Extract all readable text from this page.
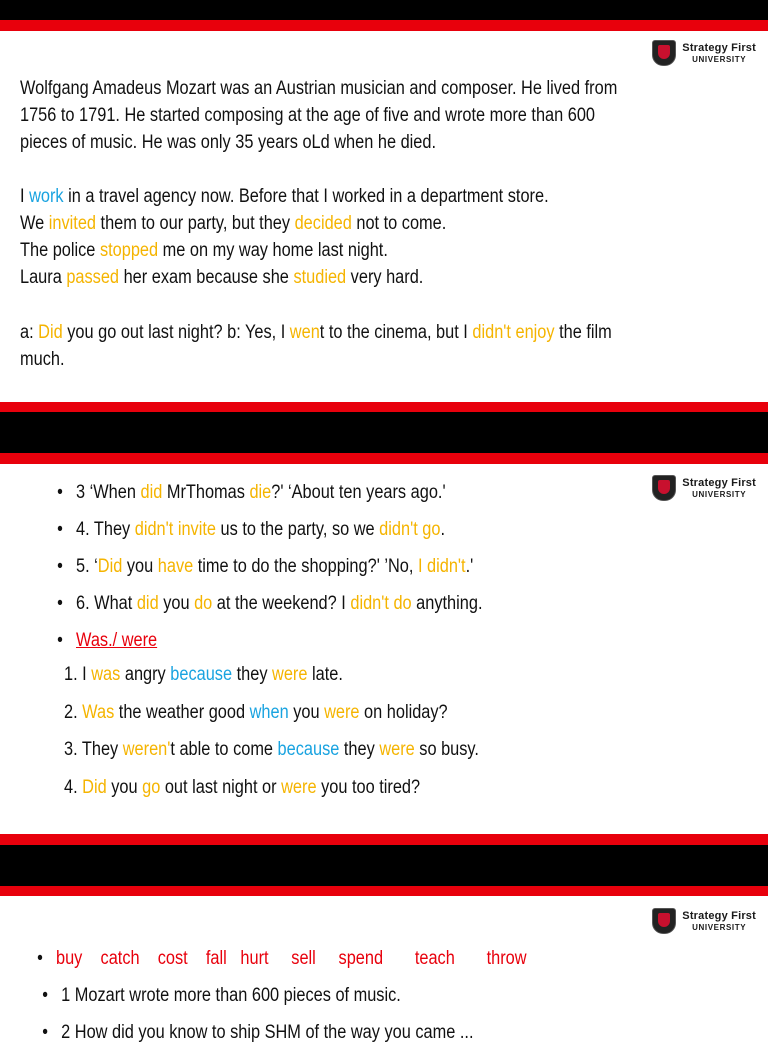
Strategy First
UNIVERSITY
Wolfgang Amadeus Mozart was an Austrian musician and composer. He lived from
1756 to 1791. He started composing at the age of five and wrote more than 600
pieces of music. He was only 35 years oLd when he died.
I work in a travel agency now. Before that I worked in a department store.
We invited them to our party, but they decided not to come.
The police stopped me on my way home last night.
Laura passed her exam because she studied very hard.
a: Did you go out last night? b: Yes, I went to the cinema, but I didn't enjoy the film
much.
Strategy First
UNIVERSITY
• 3 ‘When did MrThomas die?' ‘About ten years ago.'
• 4. They didn't invite us to the party, so we didn't go.
• 5. ‘Did you have time to do the shopping?' ’No, I didn't.'
• 6. What did you do at the weekend? I didn't do anything.
• Was./ were
1. I was angry because they were late.
2. Was the weather good when you were on holiday?
3. They weren't able to come because they were so busy.
4. Did you go out last night or were you too tired?
Strategy First
UNIVERSITY
• buy catch cost fall hurt sell spend teach throw
• 1 Mozart wrote more than 600 pieces of music.
• 2 How did you know to ship SHM of the way you came ...
